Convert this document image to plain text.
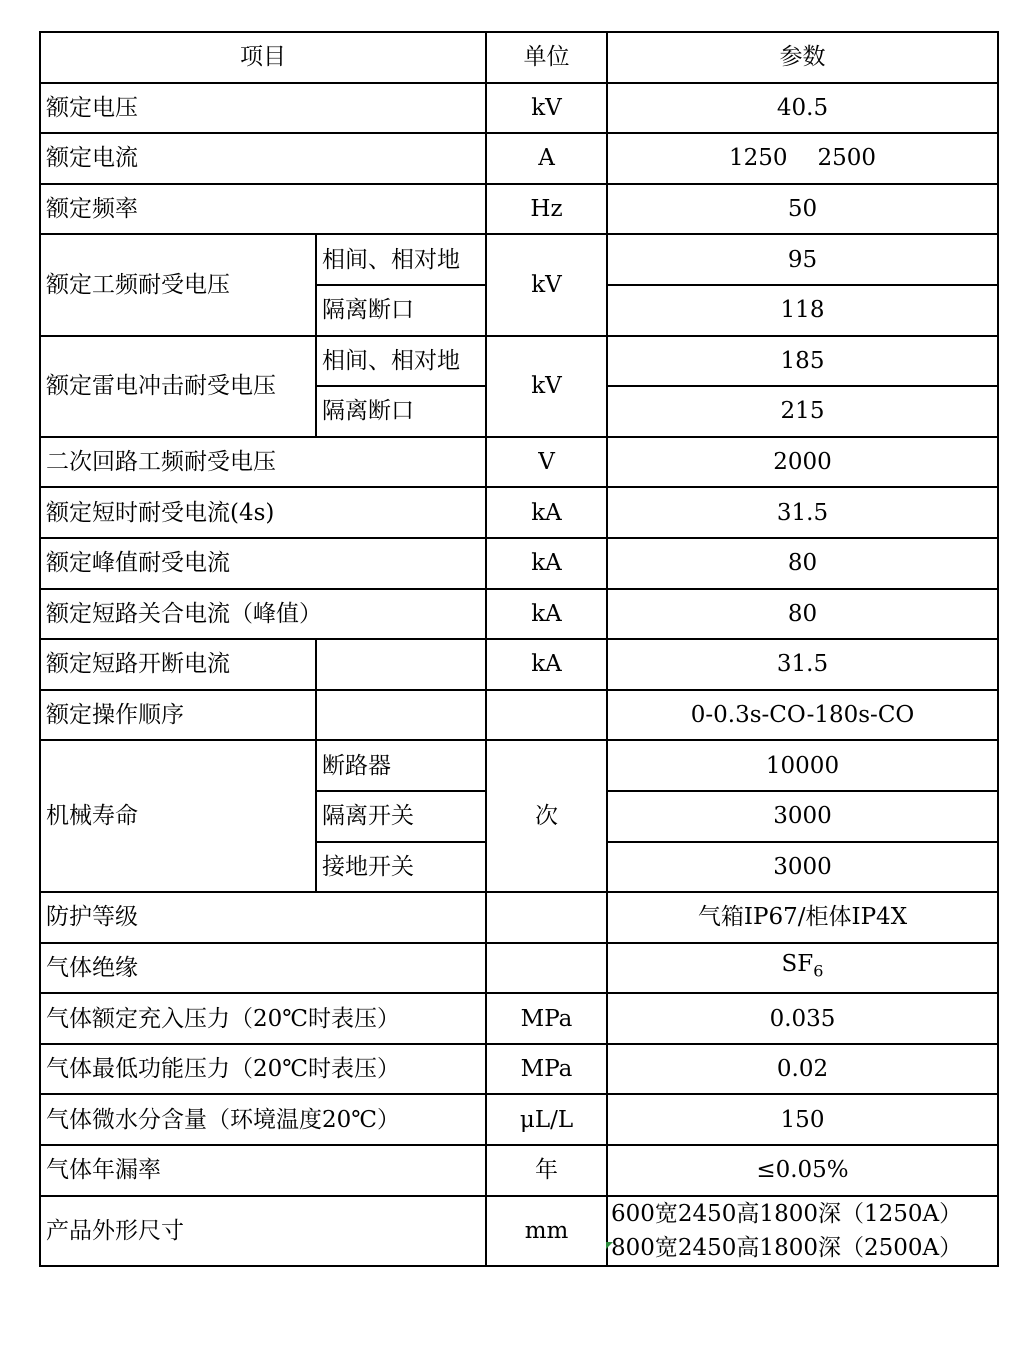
项目		单位	参数
额定电压		kV	40.5
额定电流		A	1250 2500
额定频率		Hz	50
额定工频耐受电压	相间、相对地	kV	95
	隔离断口		118
额定雷电冲击耐受电压	相间、相对地	kV	185
	隔离断口		215
二次回路工频耐受电压		V	2000
额定短时耐受电流(4s)		kA	31.5
额定峰值耐受电流		kA	80
额定短路关合电流（峰值）		kA	80
额定短路开断电流		kA	31.5
额定操作顺序			0-0.3s-CO-180s-CO
机械寿命	断路器	次	10000
	隔离开关		3000
	接地开关		3000
防护等级			气箱IP67/柜体IP4X
气体绝缘			$SF_6$
气体额定充入压力（20℃时表压）		MPa	0.035
气体最低功能压力（20℃时表压）		MPa	0.02
气体微水分含量（环境温度20℃）		μL/L	150
气体年漏率		年	≤0.05%
产品外形尺寸		mm	600宽2450高1800深（1250A）
800宽2450高1800深（2500A）
